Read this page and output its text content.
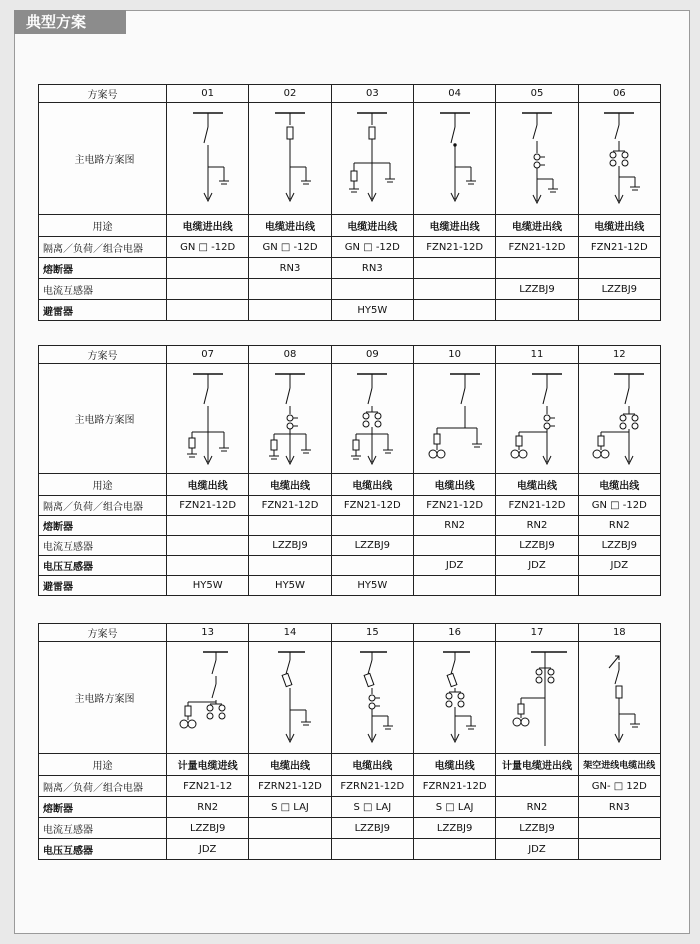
典型方案
方案号	01	02	03	04	05	06
主电路方案图	

用途	电缆进出线	电缆进出线	电缆进出线	电缆进出线	电缆进出线	电缆进出线
隔离／负荷／组合电器	GN □ -12D	GN □ -12D	GN □ -12D	FZN21-12D	FZN21-12D	FZN21-12D
熔断器		RN3	RN3			
电流互感器					LZZBJ9	LZZBJ9
避雷器			HY5W			
方案号	07	08	09	10	11	12
主电路方案图	

用途	电缆出线	电缆出线	电缆出线	电缆出线	电缆出线	电缆出线
隔离／负荷／组合电器	FZN21-12D	FZN21-12D	FZN21-12D	FZN21-12D	FZN21-12D	GN □ -12D
熔断器				RN2	RN2	RN2
电流互感器		LZZBJ9	LZZBJ9		LZZBJ9	LZZBJ9
电压互感器				JDZ	JDZ	JDZ
避雷器	HY5W	HY5W	HY5W			
方案号	13	14	15	16	17	18
主电路方案图	

用途	计量电缆进线	电缆出线	电缆出线	电缆出线	计量电缆进出线	架空进线电缆出线
隔离／负荷／组合电器	FZN21-12	FZRN21-12D	FZRN21-12D	FZRN21-12D		GN- □ 12D
熔断器	RN2	S □ LAJ	S □ LAJ	S □ LAJ	RN2	RN3
电流互感器	LZZBJ9		LZZBJ9	LZZBJ9	LZZBJ9	
电压互感器	JDZ				JDZ	
